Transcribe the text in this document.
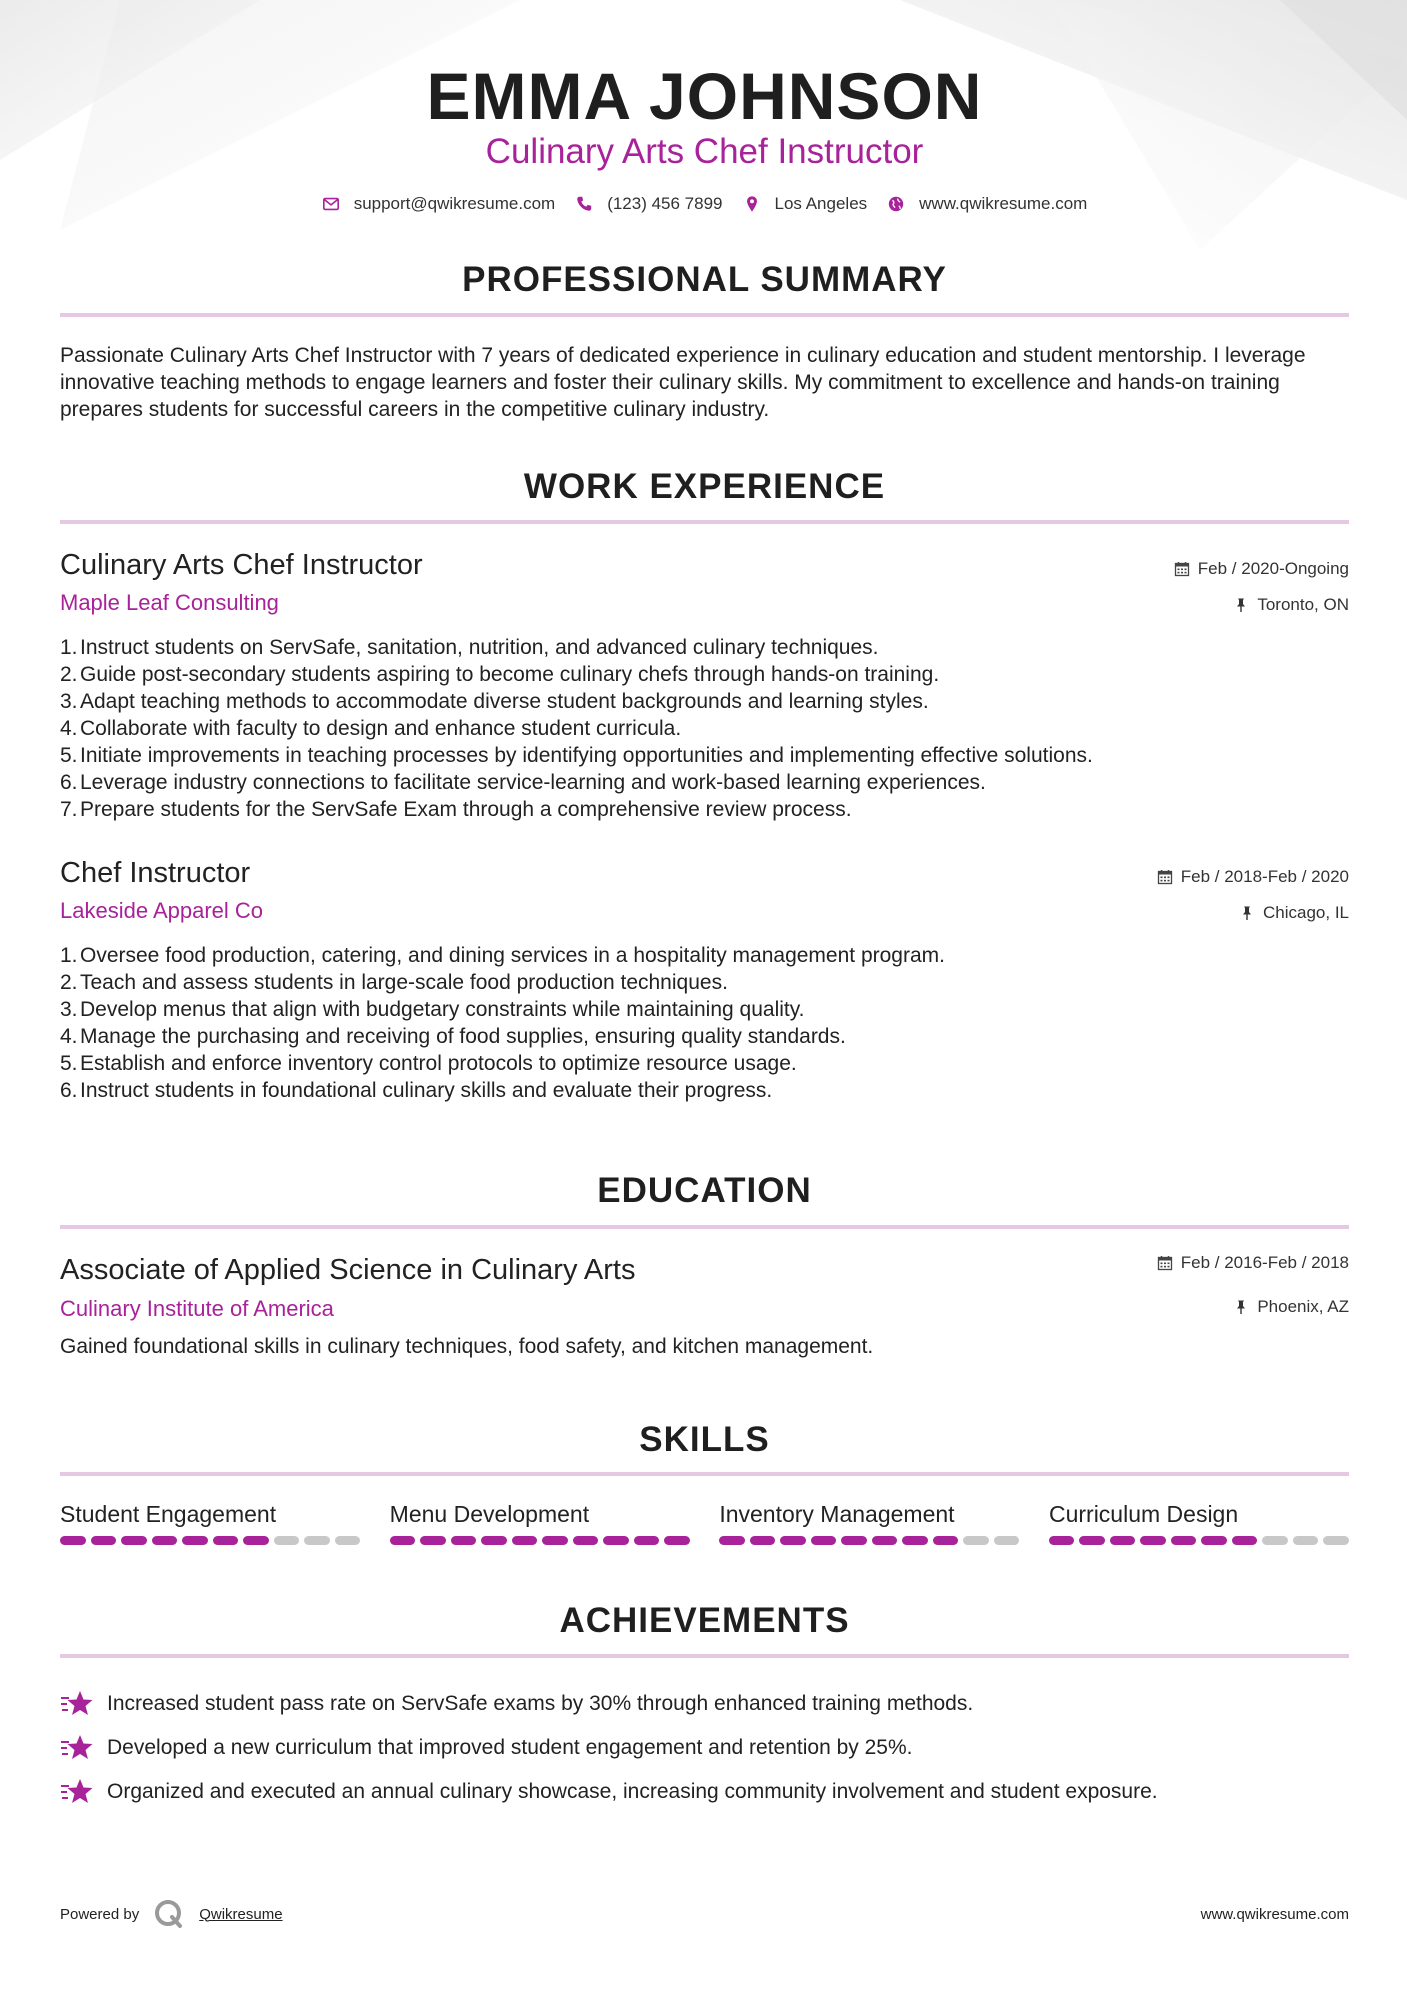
EMMA JOHNSON
Culinary Arts Chef Instructor
support@qwikresume.com	(123) 456 7899	Los Angeles	www.qwikresume.com
PROFESSIONAL SUMMARY

Passionate Culinary Arts Chef Instructor with 7 years of dedicated experience in culinary education and student mentorship. I leverage innovative teaching methods to engage learners and foster their culinary skills. My commitment to excellence and hands-on training prepares students for successful careers in the competitive culinary industry.

WORK EXPERIENCE
Culinary Arts Chef Instructor
Maple Leaf Consulting
Feb / 2020-Ongoing
Toronto, ON
1. Instruct students on ServSafe, sanitation, nutrition, and advanced culinary techniques.
2. Guide post-secondary students aspiring to become culinary chefs through hands-on training.
3. Adapt teaching methods to accommodate diverse student backgrounds and learning styles.
4. Collaborate with faculty to design and enhance student curricula.
5. Initiate improvements in teaching processes by identifying opportunities and implementing effective solutions.
6. Leverage industry connections to facilitate service-learning and work-based learning experiences.
7. Prepare students for the ServSafe Exam through a comprehensive review process.
Chef Instructor
Lakeside Apparel Co
Feb / 2018-Feb / 2020
Chicago, IL
1. Oversee food production, catering, and dining services in a hospitality management program.
2. Teach and assess students in large-scale food production techniques.
3. Develop menus that align with budgetary constraints while maintaining quality.
4. Manage the purchasing and receiving of food supplies, ensuring quality standards.
5. Establish and enforce inventory control protocols to optimize resource usage.
6. Instruct students in foundational culinary skills and evaluate their progress.
EDUCATION
Associate of Applied Science in Culinary Arts
Culinary Institute of America
Feb / 2016-Feb / 2018
Phoenix, AZ

Gained foundational skills in culinary techniques, food safety, and kitchen management.

SKILLS
Student Engagement	Menu Development	Inventory Management	Curriculum Design
ACHIEVEMENTS
Increased student pass rate on ServSafe exams by 30% through enhanced training methods.
Developed a new curriculum that improved student engagement and retention by 25%.
Organized and executed an annual culinary showcase, increasing community involvement and student exposure.
Powered by	Qwikresume	www.qwikresume.com
